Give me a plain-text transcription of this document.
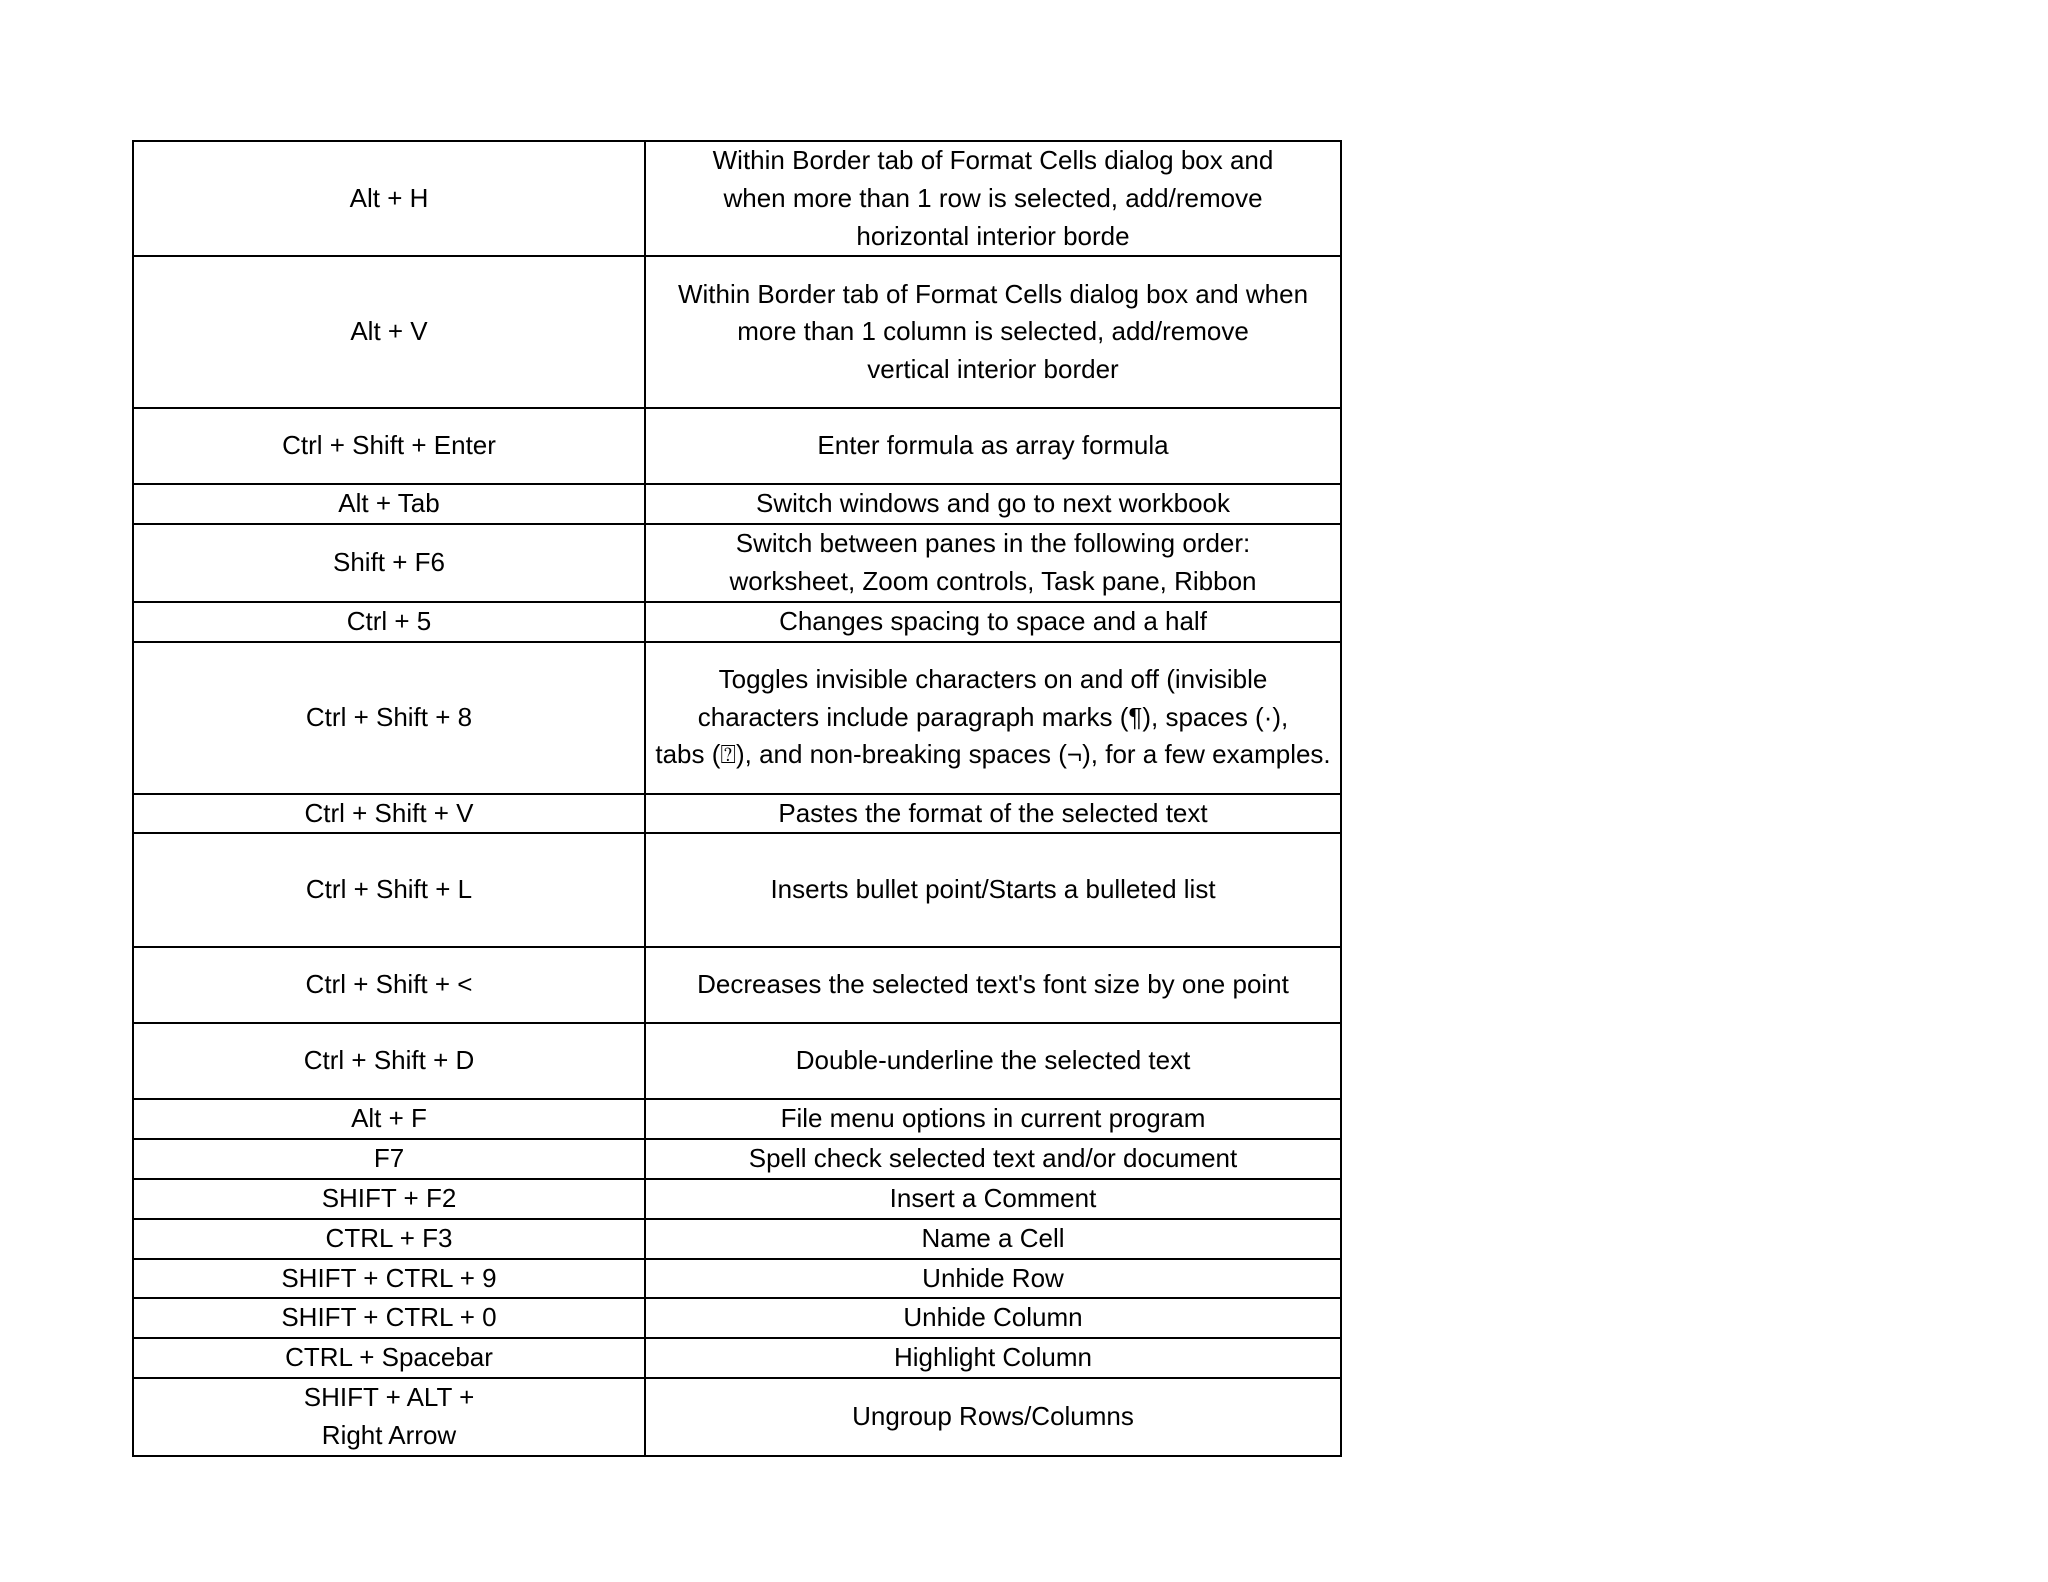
Alt + H	Within Border tab of Format Cells dialog box and
when more than 1 row is selected, add/remove
horizontal interior borde

Alt + V	Within Border tab of Format Cells dialog box and when
more than 1 column is selected, add/remove
vertical interior border

Ctrl + Shift + Enter	Enter formula as array formula

Alt + Tab	Switch windows and go to next workbook

Shift + F6	Switch between panes in the following order:
worksheet, Zoom controls, Task pane, Ribbon

Ctrl + 5	Changes spacing to space and a half

Ctrl + Shift + 8	Toggles invisible characters on and off (invisible
characters include paragraph marks (¶), spaces (·),
tabs (⍰), and non-breaking spaces (¬), for a few examples.

Ctrl + Shift + V	Pastes the format of the selected text

Ctrl + Shift + L	Inserts bullet point/Starts a bulleted list

Ctrl + Shift + <	Decreases the selected text's font size by one point

Ctrl + Shift + D	Double-underline the selected text

Alt + F	File menu options in current program

F7	Spell check selected text and/or document

SHIFT + F2	Insert a Comment

CTRL + F3	Name a Cell

SHIFT + CTRL + 9	Unhide Row

SHIFT + CTRL + 0	Unhide Column

CTRL + Spacebar	Highlight Column

SHIFT + ALT +
Right Arrow	Ungroup Rows/Columns
